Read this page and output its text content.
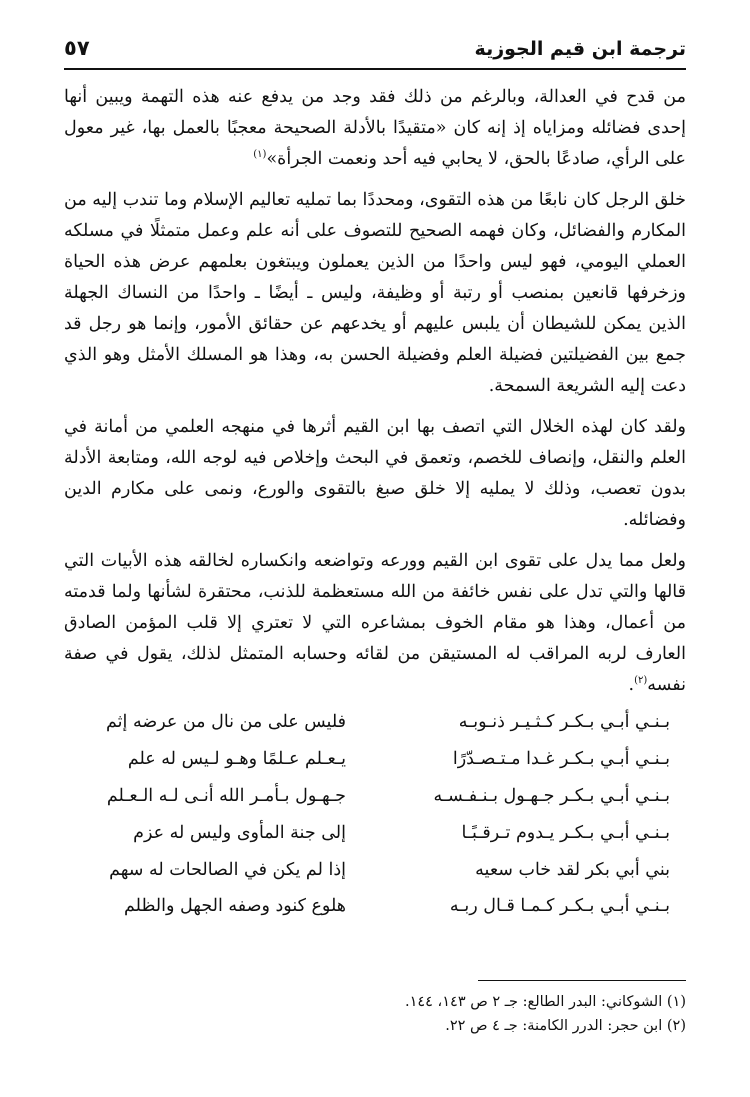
ترجمة ابن قيم الجوزية
٥٧

من قدح في العدالة، وبالرغم من ذلك فقد وجد من يدفع عنه هذه التهمة ويبين أنها إحدى فضائله ومزاياه إذ إنه كان «متقيدًا بالأدلة الصحيحة معجبًا بالعمل بها، غير معول على الرأي، صادعًا بالحق، لا يحابي فيه أحد ونعمت الجرأة»$^{(١)}$

خلق الرجل كان نابعًا من هذه التقوى، ومحددًا بما تمليه تعاليم الإسلام وما تندب إليه من المكارم والفضائل، وكان فهمه الصحيح للتصوف على أنه علم وعمل متمثلًا في مسلكه العملي اليومي، فهو ليس واحدًا من الذين يعملون ويبتغون بعلمهم عرض هذه الحياة وزخرفها قانعين بمنصب أو رتبة أو وظيفة، وليس ـ أيضًا ـ واحدًا من النساك الجهلة الذين يمكن للشيطان أن يلبس عليهم أو يخدعهم عن حقائق الأمور، وإنما هو رجل قد جمع بين الفضيلتين فضيلة العلم وفضيلة الحسن به، وهذا هو المسلك الأمثل وهو الذي دعت إليه الشريعة السمحة.

ولقد كان لهذه الخلال التي اتصف بها ابن القيم أثرها في منهجه العلمي من أمانة في العلم والنقل، وإنصاف للخصم، وتعمق في البحث وإخلاص فيه لوجه الله، ومتابعة الأدلة بدون تعصب، وذلك لا يمليه إلا خلق صبغ بالتقوى والورع، ونمى على مكارم الدين وفضائله.

ولعل مما يدل على تقوى ابن القيم وورعه وتواضعه وانكساره لخالقه هذه الأبيات التي قالها والتي تدل على نفس خائفة من الله مستعظمة للذنب، محتقرة لشأنها ولما قدمته من أعمال، وهذا هو مقام الخوف بمشاعره التي لا تعتري إلا قلب المؤمن الصادق العارف لربه المراقب له المستيقن من لقائه وحسابه المتمثل لذلك، يقول في صفة نفسه$^{(٢)}$.

بـنـي أبـي بـكـر كـثـيـر ذنـوبـه
فليس على من نال من عرضه إثم
بـنـي أبـي بـكـر غـدا مـتـصـدّرًا
يـعـلم عـلمًا وهـو لـيس له علم
بـنـي أبـي بـكـر جـهـول بـنـفـسـه
جـهـول بـأمـر الله أنـى لـه الـعـلم
بـنـي أبـي بـكـر يـدوم تـرقـبًـا
إلى جنة المأوى وليس له عزم
بني أبي بكر لقد خاب سعيه
إذا لم يكن في الصالحات له سهم
بـنـي أبـي بـكـر كـمـا قـال ربـه
هلوع كنود وصفه الجهل والظلم

(١) الشوكاني: البدر الطالع: جـ ٢ ص ١٤٣، ١٤٤.

(٢) ابن حجر: الدرر الكامنة: جـ ٤ ص ٢٢.
